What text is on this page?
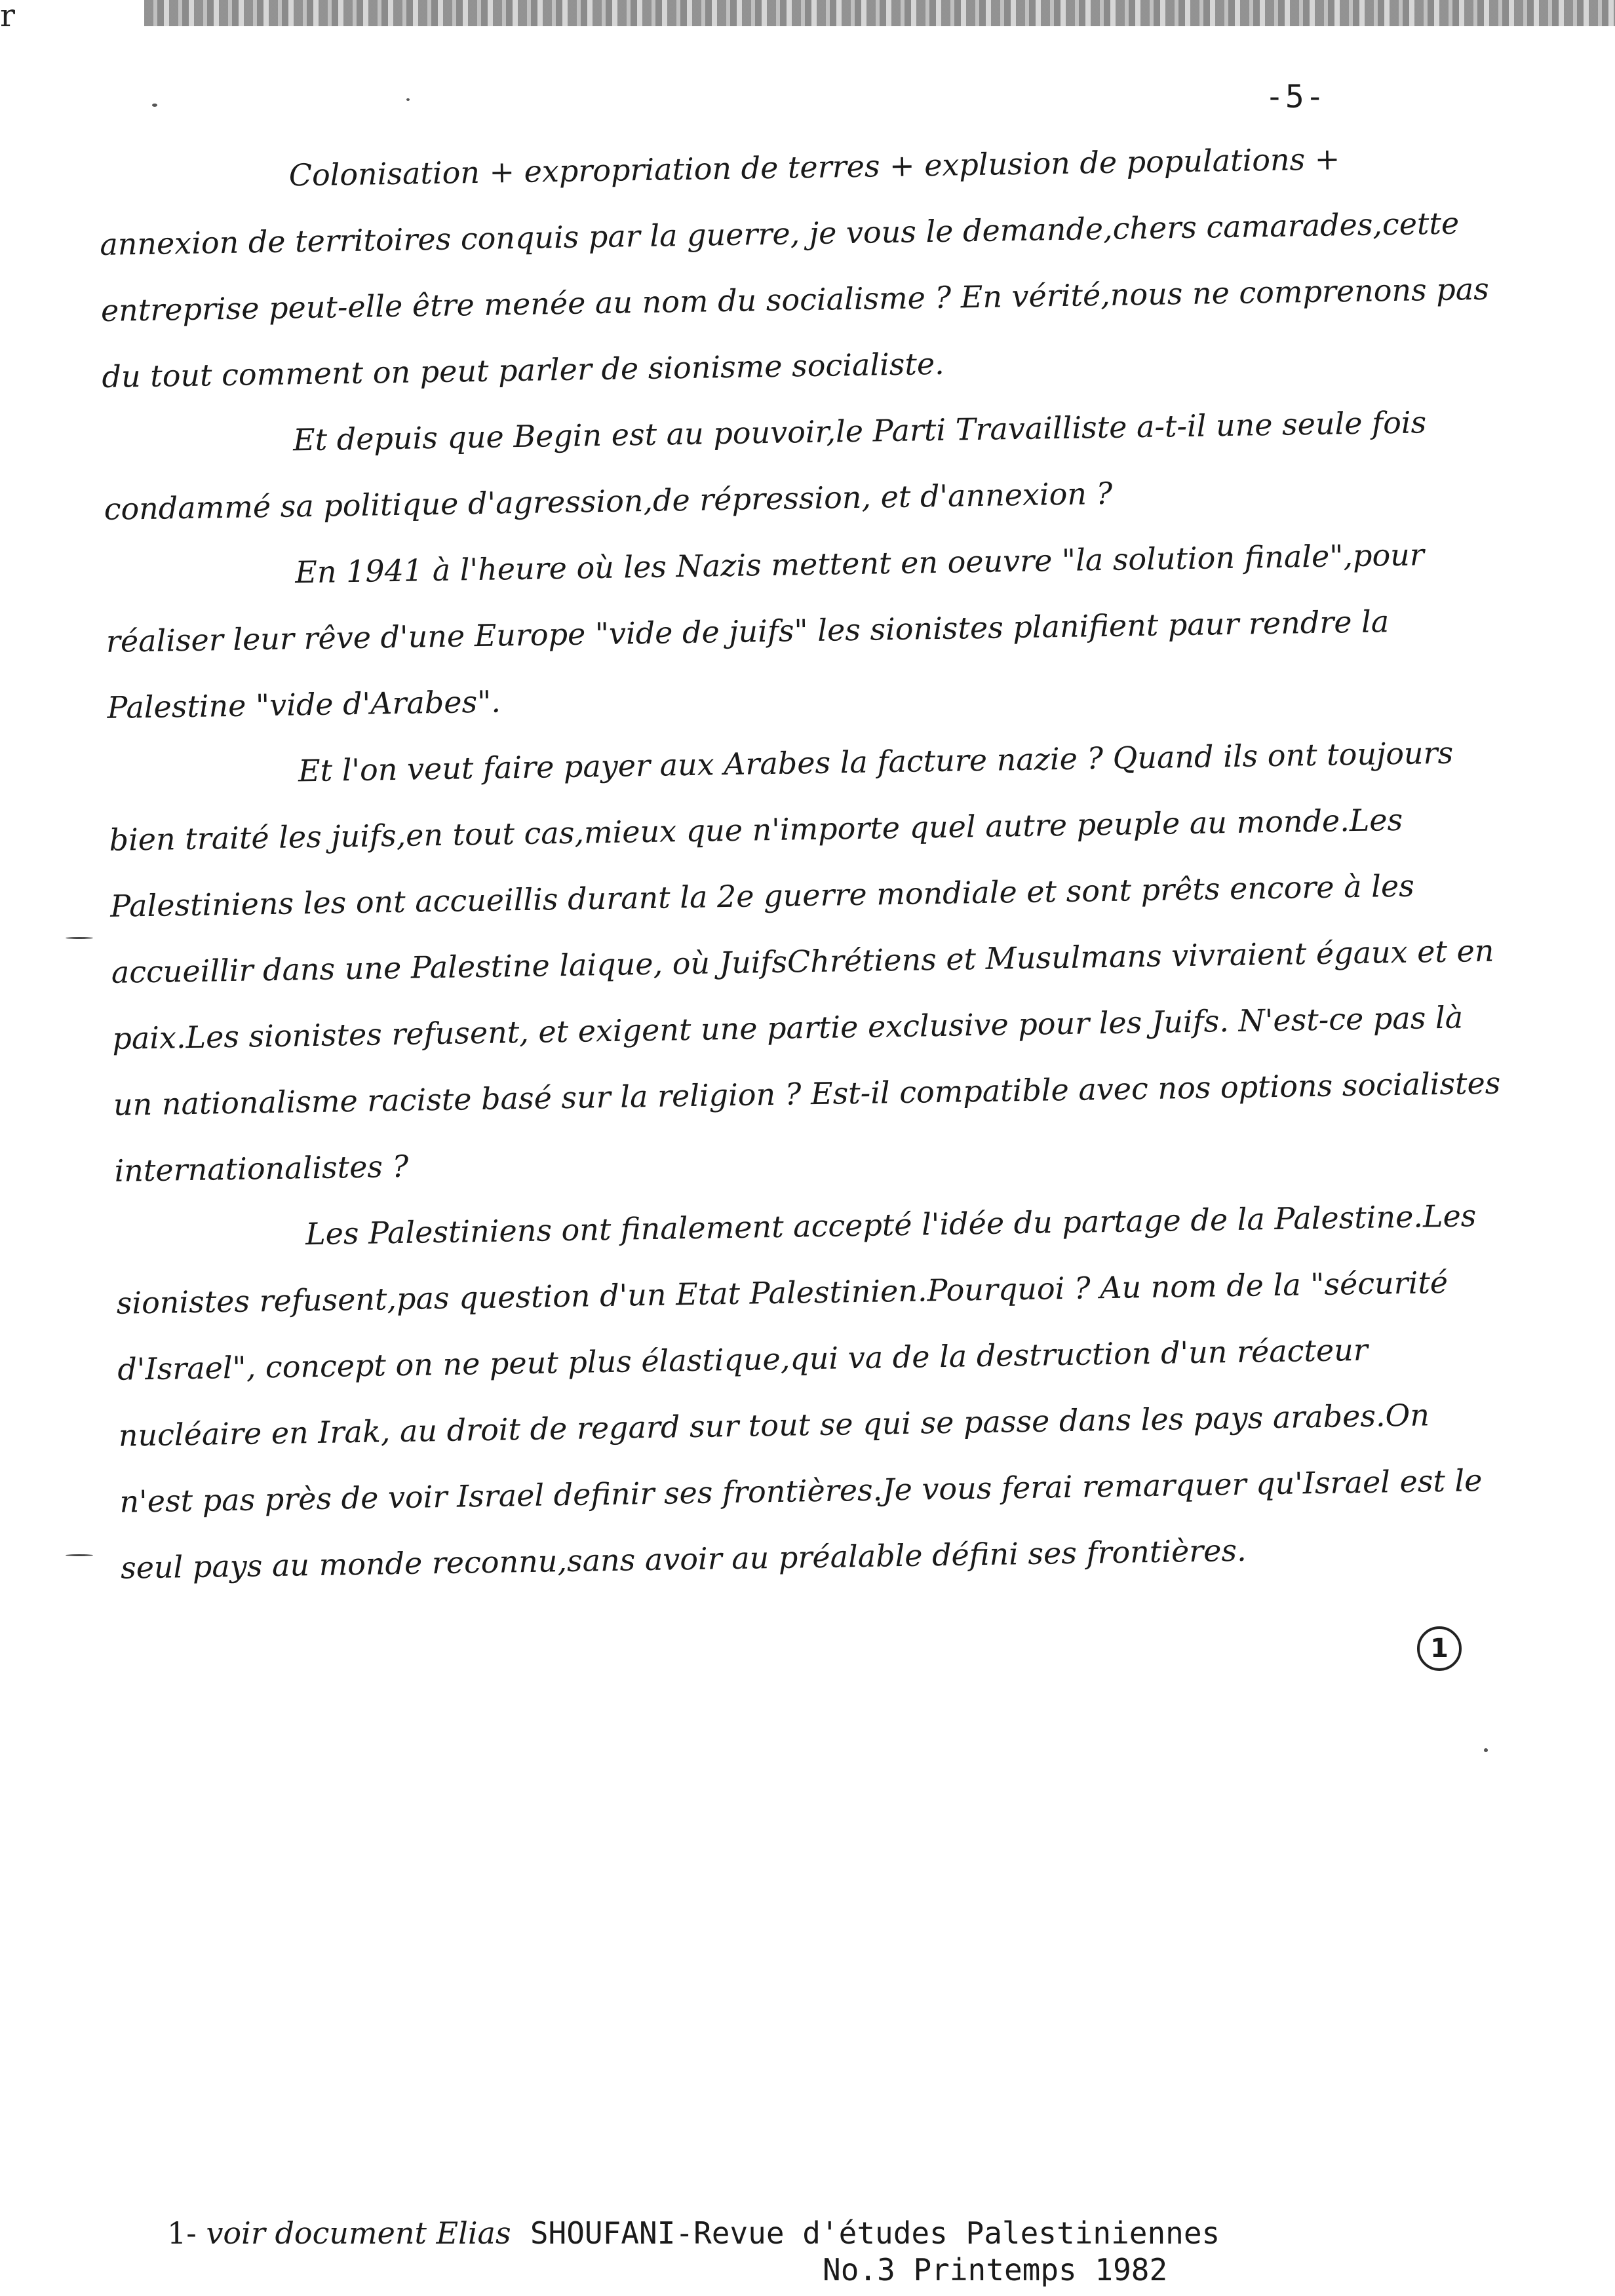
r
-5-

Colonisation + expropriation de terres + explusion de populations + annexion de territoires conquis par la guerre, je vous le demande,chers camarades,cette entreprise peut-elle être menée au nom du socialisme ? En vérité,nous ne comprenons pas du tout comment on peut parler de sionisme socialiste.

Et depuis que Begin est au pouvoir,le Parti Travailliste a-t-il une seule fois condammé sa politique d'agression,de répression, et d'annexion ?

En 1941 à l'heure où les Nazis mettent en oeuvre "la solution finale",pour réaliser leur rêve d'une Europe "vide de juifs" les sionistes planifient paur rendre la Palestine "vide d'Arabes".

Et l'on veut faire payer aux Arabes la facture nazie ? Quand ils ont toujours bien traité les juifs,en tout cas,mieux que n'importe quel autre peuple au monde.Les Palestiniens les ont accueillis durant la 2e guerre mondiale et sont prêts encore à les accueillir dans une Palestine laique, où JuifsChrétiens et Musulmans vivraient égaux et en paix.Les sionistes refusent, et exigent une partie exclusive pour les Juifs. N'est-ce pas là un nationalisme raciste basé sur la religion ? Est-il compatible avec nos options socialistes internationalistes ?

Les Palestiniens ont finalement accepté l'idée du partage de la Palestine.Les sionistes refusent,pas question d'un Etat Palestinien.Pourquoi ? Au nom de la "sécurité d'Israel", concept on ne peut plus élastique,qui va de la destruction d'un réacteur nucléaire en Irak, au droit de regard sur tout se qui se passe dans les pays arabes.On n'est pas près de voir Israel definir ses frontières.Je vous ferai remarquer qu'Israel est le seul pays au monde reconnu,sans avoir au préalable défini ses frontières.

1
1- voir document Elias SHOUFANI-Revue d'études Palestiniennes
No.3 Printemps 1982
